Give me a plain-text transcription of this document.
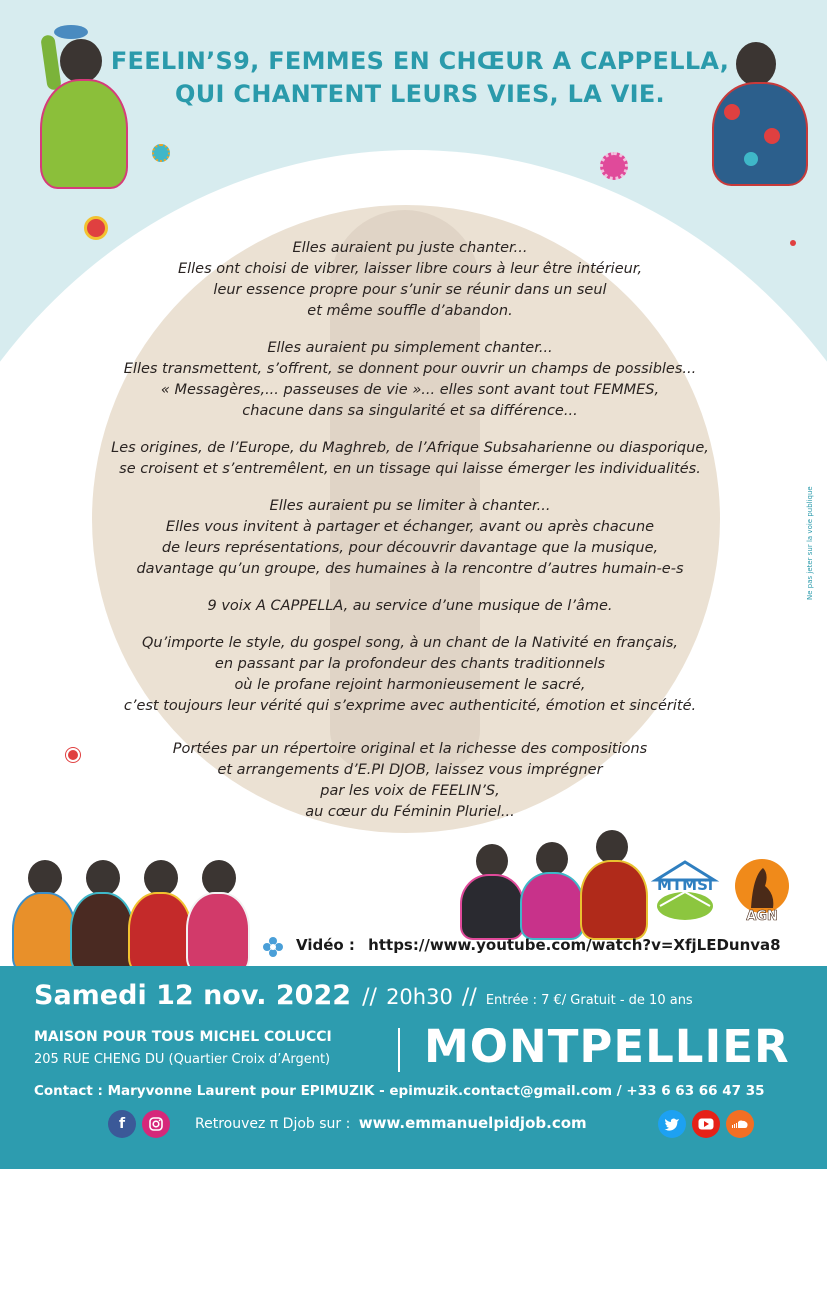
FEELIN’S9, FEMMES EN CHŒUR A CAPPELLA,
QUI CHANTENT LEURS VIES, LA VIE.
Elles auraient pu juste chanter...
Elles ont choisi de vibrer, laisser libre cours à leur être intérieur,
leur essence propre pour s’unir se réunir dans un seul
et même souffle d’abandon.
Elles auraient pu simplement chanter...
Elles transmettent, s’offrent, se donnent pour ouvrir un champs de possibles...
« Messagères,... passeuses de vie »... elles sont avant tout FEMMES,
chacune dans sa singularité et sa différence...
Les origines, de l’Europe, du Maghreb, de l’Afrique Subsaharienne ou diasporique,
se croisent et s’entremêlent, en un tissage qui laisse émerger les individualités.
Elles auraient pu se limiter à chanter...
Elles vous invitent à partager et échanger, avant ou après chacune
de leurs représentations, pour découvrir davantage que la musique,
davantage qu’un groupe, des humaines à la rencontre d’autres humain-e-s
9 voix A CAPPELLA, au service d’une musique de l’âme.
Qu’importe le style, du gospel song, à un chant de la Nativité en français,
en passant par la profondeur des chants traditionnels
où le profane rejoint harmonieusement le sacré,
c’est toujours leur vérité qui s’exprime avec authenticité, émotion et sincérité.
Portées par un répertoire original et la richesse des compositions
et arrangements d’E.PI DJOB, laissez vous imprégner
par les voix de FEELIN’S,
au cœur du Féminin Pluriel...
Ne pas jeter sur la voie publique
MTMSi
AGN
Vidéo : https://www.youtube.com/watch?v=XfjLEDunva8
Samedi 12 nov. 2022 // 20h30 // Entrée : 7 €/ Gratuit - de 10 ans
MAISON POUR TOUS MICHEL COLUCCI
205 RUE CHENG DU (Quartier Croix d’Argent) MONTPELLIER
Contact : Maryvonne Laurent pour EPIMUZIK - epimuzik.contact@gmail.com / +33 6 63 66 47 35
f	Retrouvez π Djob sur : www.emmanuelpidjob.com
